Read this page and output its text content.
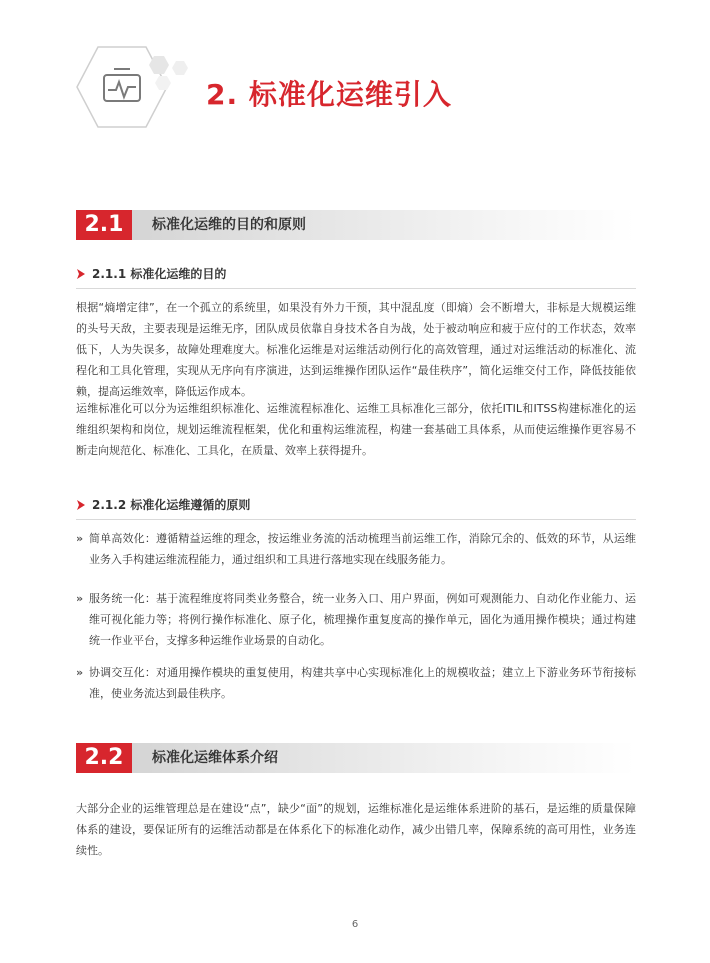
2. 标准化运维引入
2.1	标准化运维的目的和原则
2.1.1 标准化运维的目的
根据“熵增定律”，在一个孤立的系统里，如果没有外力干预，其中混乱度（即熵）会不断增大，非标是大规模运维的头号天敌，主要表现是运维无序，团队成员依靠自身技术各自为战，处于被动响应和疲于应付的工作状态，效率低下，人为失误多，故障处理难度大。标准化运维是对运维活动例行化的高效管理，通过对运维活动的标准化、流程化和工具化管理，实现从无序向有序演进，达到运维操作团队运作“最佳秩序”，简化运维交付工作，降低技能依赖，提高运维效率，降低运作成本。
运维标准化可以分为运维组织标准化、运维流程标准化、运维工具标准化三部分，依托ITIL和ITSS构建标准化的运维组织架构和岗位，规划运维流程框架，优化和重构运维流程，构建一套基础工具体系，从而使运维操作更容易不断走向规范化、标准化、工具化，在质量、效率上获得提升。
2.1.2 标准化运维遵循的原则
» 简单高效化：遵循精益运维的理念，按运维业务流的活动梳理当前运维工作，消除冗余的、低效的环节，从运维业务入手构建运维流程能力，通过组织和工具进行落地实现在线服务能力。
» 服务统一化：基于流程维度将同类业务整合，统一业务入口、用户界面，例如可观测能力、自动化作业能力、运维可视化能力等；将例行操作标准化、原子化，梳理操作重复度高的操作单元，固化为通用操作模块；通过构建统一作业平台，支撑多种运维作业场景的自动化。
» 协调交互化：对通用操作模块的重复使用，构建共享中心实现标准化上的规模收益；建立上下游业务环节衔接标准，使业务流达到最佳秩序。
2.2	标准化运维体系介绍
大部分企业的运维管理总是在建设“点”，缺少“面”的规划，运维标准化是运维体系进阶的基石，是运维的质量保障体系的建设，要保证所有的运维活动都是在体系化下的标准化动作，减少出错几率，保障系统的高可用性，业务连续性。
6
